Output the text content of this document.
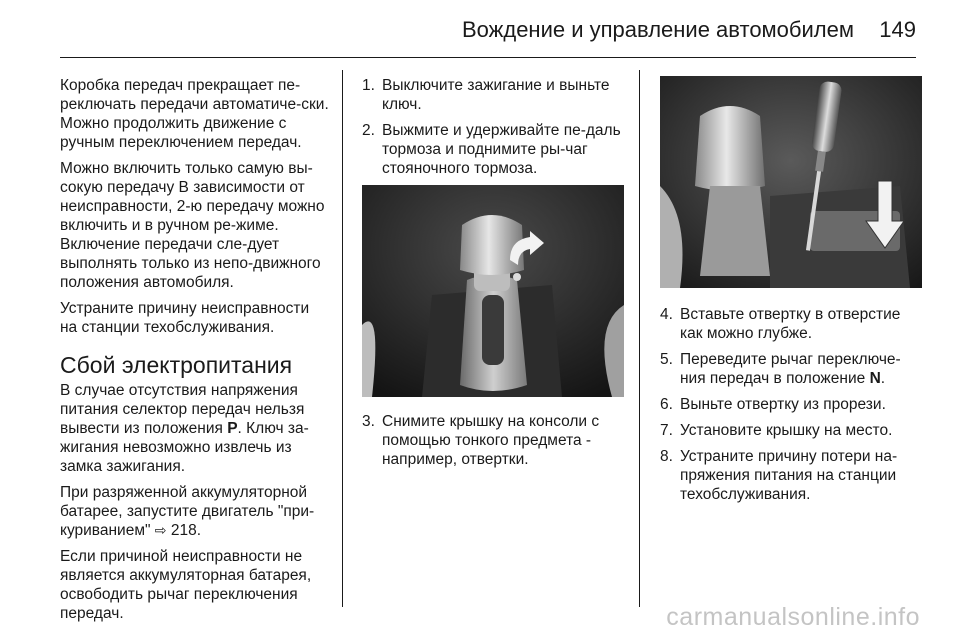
Вождение и управление автомобилем 149

Коробка передач прекращает пе-реключать передачи автоматиче-ски. Можно продолжить движение с ручным переключением передач.

Можно включить только самую вы-сокую передачу В зависимости от неисправности, 2-ю передачу можно включить и в ручном ре-жиме. Включение передачи сле-дует выполнять только из непо-движного положения автомобиля.

Устраните причину неисправности на станции техобслуживания.

Сбой электропитания

В случае отсутствия напряжения питания селектор передач нельзя вывести из положения P. Ключ за-жигания невозможно извлечь из замка зажигания.

При разряженной аккумуляторной батарее, запустите двигатель "при-куриванием" ⇨ 218.

Если причиной неисправности не является аккумуляторная батарея, освободить рычаг переключения передач.

1. Выключите зажигание и выньте ключ.
2. Выжмите и удерживайте пе-даль тормоза и поднимите ры-чаг стояночного тормоза.
3. Снимите крышку на консоли с помощью тонкого предмета - например, отвертки.
4. Вставьте отвертку в отверстие как можно глубже.
5. Переведите рычаг переключе-ния передач в положение N.
6. Выньте отвертку из прорези.
7. Установите крышку на место.
8. Устраните причину потери на-пряжения питания на станции техобслуживания.
carmanualsonline.info
